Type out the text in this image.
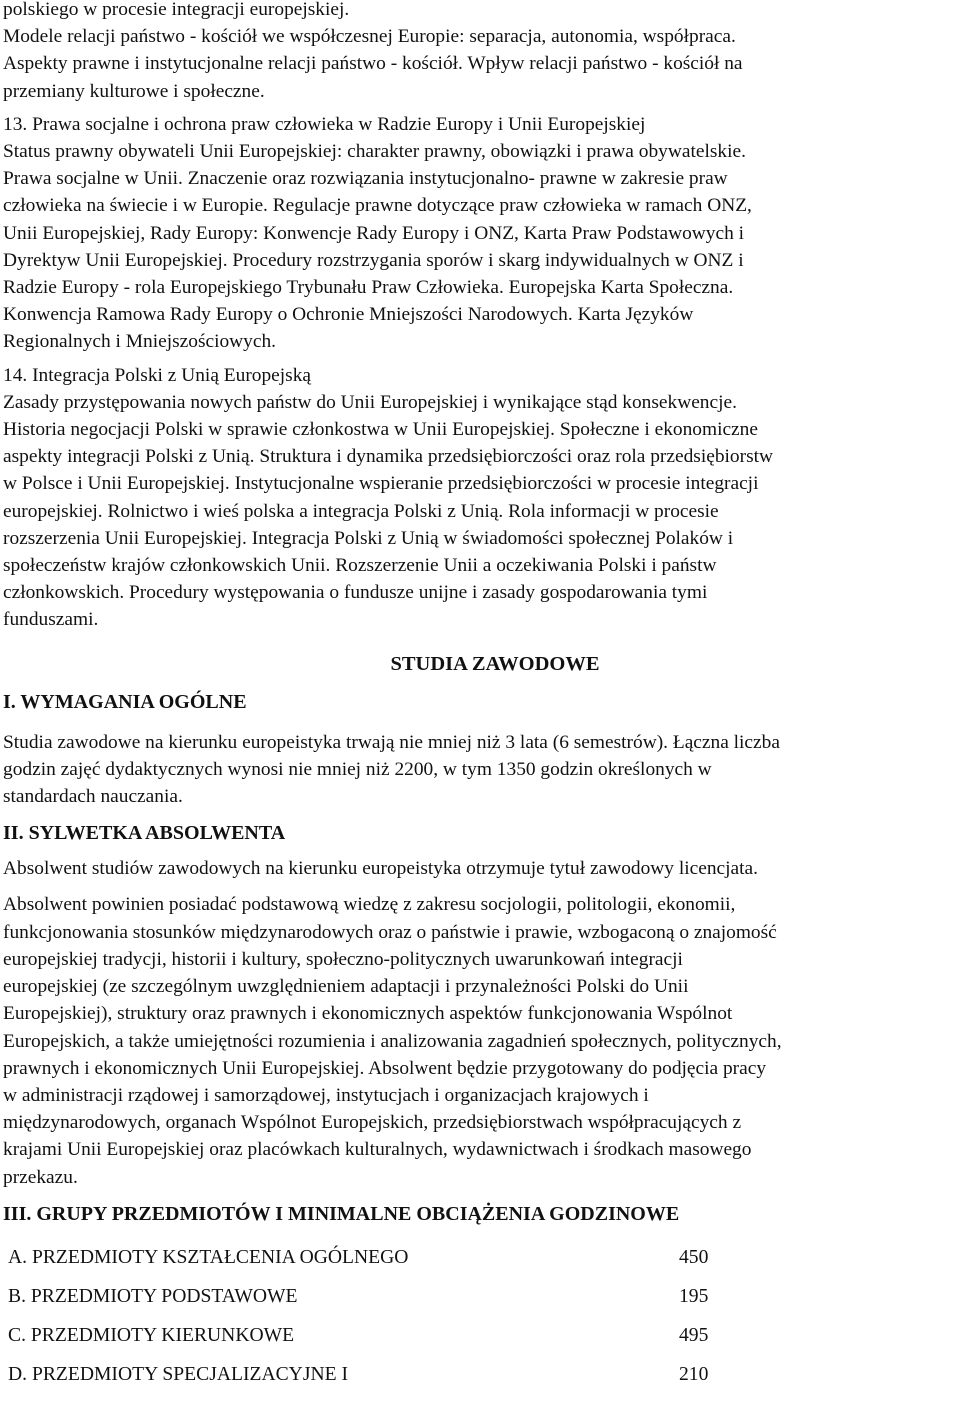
polskiego w procesie integracji europejskiej.

Modele relacji państwo - kościół we współczesnej Europie: separacja, autonomia, współpraca.

Aspekty prawne i instytucjonalne relacji państwo - kościół. Wpływ relacji państwo - kościół na

przemiany kulturowe i społeczne.

13. Prawa socjalne i ochrona praw człowieka w Radzie Europy i Unii Europejskiej

Status prawny obywateli Unii Europejskiej: charakter prawny, obowiązki i prawa obywatelskie.

Prawa socjalne w Unii. Znaczenie oraz rozwiązania instytucjonalno- prawne w zakresie praw

człowieka na świecie i w Europie. Regulacje prawne dotyczące praw człowieka w ramach ONZ,

Unii Europejskiej, Rady Europy: Konwencje Rady Europy i ONZ, Karta Praw Podstawowych i

Dyrektyw Unii Europejskiej. Procedury rozstrzygania sporów i skarg indywidualnych w ONZ i

Radzie Europy - rola Europejskiego Trybunału Praw Człowieka. Europejska Karta Społeczna.

Konwencja Ramowa Rady Europy o Ochronie Mniejszości Narodowych. Karta Języków

Regionalnych i Mniejszościowych.

14. Integracja Polski z Unią Europejską

Zasady przystępowania nowych państw do Unii Europejskiej i wynikające stąd konsekwencje.

Historia negocjacji Polski w sprawie członkostwa w Unii Europejskiej. Społeczne i ekonomiczne

aspekty integracji Polski z Unią. Struktura i dynamika przedsiębiorczości oraz rola przedsiębiorstw

w Polsce i Unii Europejskiej. Instytucjonalne wspieranie przedsiębiorczości w procesie integracji

europejskiej. Rolnictwo i wieś polska a integracja Polski z Unią. Rola informacji w procesie

rozszerzenia Unii Europejskiej. Integracja Polski z Unią w świadomości społecznej Polaków i

społeczeństw krajów członkowskich Unii. Rozszerzenie Unii a oczekiwania Polski i państw

członkowskich. Procedury występowania o fundusze unijne i zasady gospodarowania tymi

funduszami.

STUDIA ZAWODOWE

I. WYMAGANIA OGÓLNE

Studia zawodowe na kierunku europeistyka trwają nie mniej niż 3 lata (6 semestrów). Łączna liczba

godzin zajęć dydaktycznych wynosi nie mniej niż 2200, w tym 1350 godzin określonych w

standardach nauczania.

II. SYLWETKA ABSOLWENTA

Absolwent studiów zawodowych na kierunku europeistyka otrzymuje tytuł zawodowy licencjata.

Absolwent powinien posiadać podstawową wiedzę z zakresu socjologii, politologii, ekonomii,

funkcjonowania stosunków międzynarodowych oraz o państwie i prawie, wzbogaconą o znajomość

europejskiej tradycji, historii i kultury, społeczno-politycznych uwarunkowań integracji

europejskiej (ze szczególnym uwzględnieniem adaptacji i przynależności Polski do Unii

Europejskiej), struktury oraz prawnych i ekonomicznych aspektów funkcjonowania Wspólnot

Europejskich, a także umiejętności rozumienia i analizowania zagadnień społecznych, politycznych,

prawnych i ekonomicznych Unii Europejskiej. Absolwent będzie przygotowany do podjęcia pracy

w administracji rządowej i samorządowej, instytucjach i organizacjach krajowych i

międzynarodowych, organach Wspólnot Europejskich, przedsiębiorstwach współpracujących z

krajami Unii Europejskiej oraz placówkach kulturalnych, wydawnictwach i środkach masowego

przekazu.

III. GRUPY PRZEDMIOTÓW I MINIMALNE OBCIĄŻENIA GODZINOWE

A. PRZEDMIOTY KSZTAŁCENIA OGÓLNEGO	450
B. PRZEDMIOTY PODSTAWOWE	195
C. PRZEDMIOTY KIERUNKOWE	495
D. PRZEDMIOTY SPECJALIZACYJNE I	210
